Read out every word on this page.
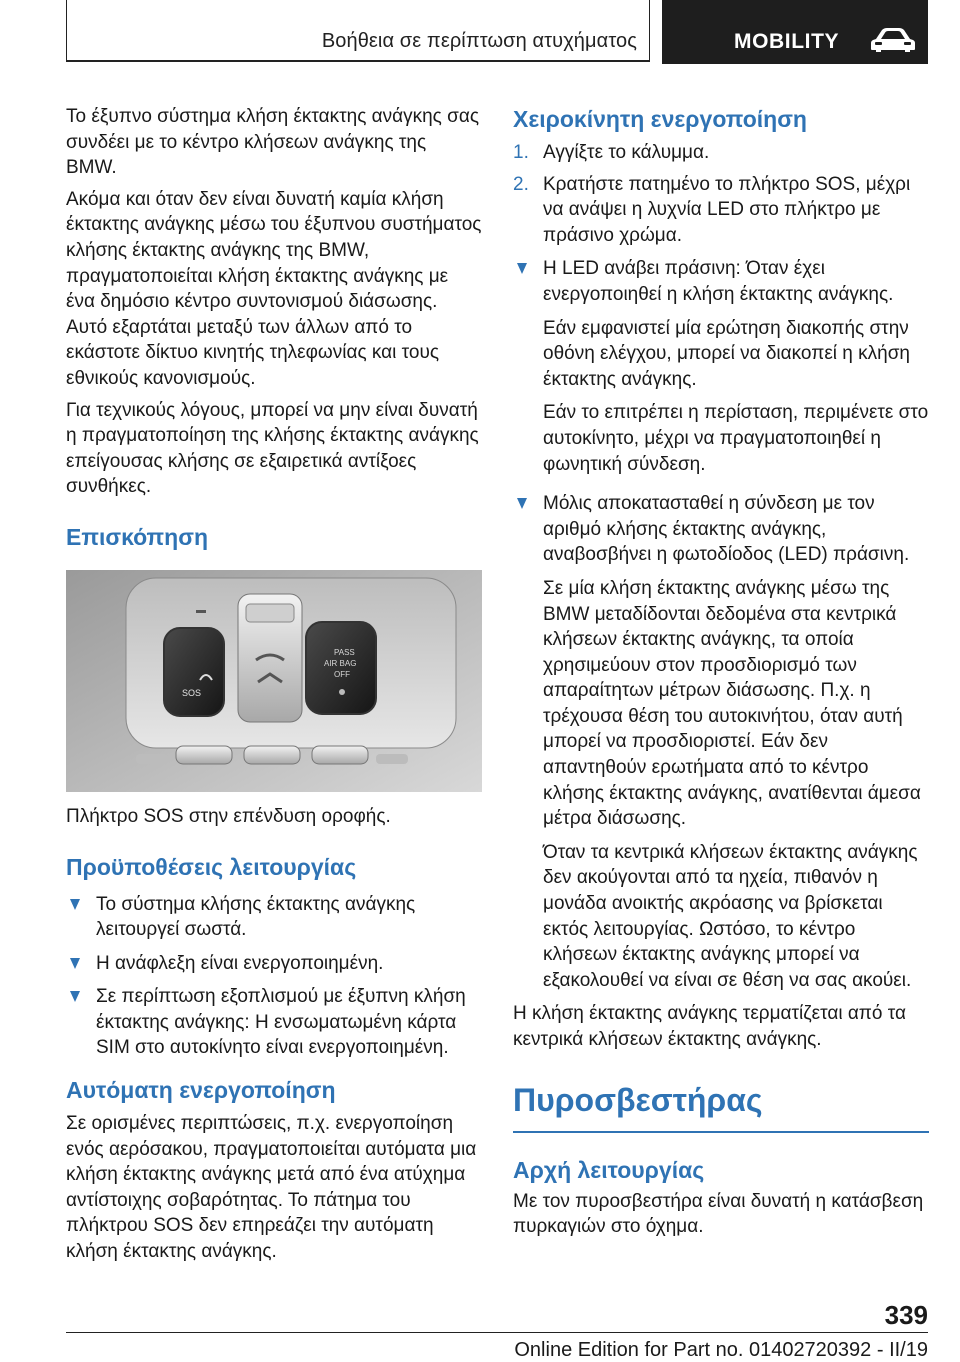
Βοήθεια σε περίπτωση ατυχήματος	MOBILITY

Το έξυπνο σύστημα κλήση έκτακτης ανάγκης σας συνδέει με το κέντρο κλήσεων ανάγκης της BMW.

Ακόμα και όταν δεν είναι δυνατή καμία κλήση έκτακτης ανάγκης μέσω του έξυπνου συστήματος κλήσης έκτακτης ανάγκης της BMW, πραγματοποιείται κλήση έκτακτης ανάγκης με ένα δημόσιο κέντρο συντονισμού διάσωσης. Αυτό εξαρτάται μεταξύ των άλλων από το εκάστοτε δίκτυο κινητής τηλεφωνίας και τους εθνικούς κανονισμούς.

Για τεχνικούς λόγους, μπορεί να μην είναι δυνατή η πραγματοποίηση της κλήσης έκτακτης ανάγκης επείγουσας κλήσης σε εξαιρετικά αντίξοες συνθήκες.

Επισκόπηση
SOS
PASS
AIR BAG
OFF

Πλήκτρο SOS στην επένδυση οροφής.

Προϋποθέσεις λειτουργίας
Το σύστημα κλήσης έκτακτης ανάγκης λειτουργεί σωστά.
Η ανάφλεξη είναι ενεργοποιημένη.
Σε περίπτωση εξοπλισμού με έξυπνη κλήση έκτακτης ανάγκης: Η ενσωματωμένη κάρτα SIM στο αυτοκίνητο είναι ενεργοποιημένη.
Αυτόματη ενεργοποίηση

Σε ορισμένες περιπτώσεις, π.χ. ενεργοποίηση ενός αερόσακου, πραγματοποιείται αυτόματα μια κλήση έκτακτης ανάγκης μετά από ένα ατύχημα αντίστοιχης σοβαρότητας. Το πάτημα του πλήκτρου SOS δεν επηρεάζει την αυτόματη κλήση έκτακτης ανάγκης.

Χειροκίνητη ενεργοποίηση
1. Αγγίξτε το κάλυμμα.
2. Κρατήστε πατημένο το πλήκτρο SOS, μέχρι να ανάψει η λυχνία LED στο πλήκτρο με πράσινο χρώμα.
Η LED ανάβει πράσινη: Όταν έχει ενεργοποιηθεί η κλήση έκτακτης ανάγκης.
Εάν εμφανιστεί μία ερώτηση διακοπής στην οθόνη ελέγχου, μπορεί να διακοπεί η κλήση έκτακτης ανάγκης.
Εάν το επιτρέπει η περίσταση, περιμένετε στο αυτοκίνητο, μέχρι να πραγματοποιηθεί η φωνητική σύνδεση.
Μόλις αποκατασταθεί η σύνδεση με τον αριθμό κλήσης έκτακτης ανάγκης, αναβοσβήνει η φωτοδίοδος (LED) πράσινη.
Σε μία κλήση έκτακτης ανάγκης μέσω της BMW μεταδίδονται δεδομένα στα κεντρικά κλήσεων έκτακτης ανάγκης, τα οποία χρησιμεύουν στον προσδιορισμό των απαραίτητων μέτρων διάσωσης. Π.χ. η τρέχουσα θέση του αυτοκινήτου, όταν αυτή μπορεί να προσδιοριστεί. Εάν δεν απαντηθούν ερωτήματα από το κέντρο κλήσης έκτακτης ανάγκης, ανατίθενται άμεσα μέτρα διάσωσης.
Όταν τα κεντρικά κλήσεων έκτακτης ανάγκης δεν ακούγονται από τα ηχεία, πιθανόν η μονάδα ανοικτής ακρόασης να βρίσκεται εκτός λειτουργίας. Ωστόσο, το κέντρο κλήσεων έκτακτης ανάγκης μπορεί να εξακολουθεί να είναι σε θέση να σας ακούει.

Η κλήση έκτακτης ανάγκης τερματίζεται από τα κεντρικά κλήσεων έκτακτης ανάγκης.

Πυροσβεστήρας
Αρχή λειτουργίας

Με τον πυροσβεστήρα είναι δυνατή η κατάσβεση πυρκαγιών στο όχημα.

339
Online Edition for Part no. 01402720392 - II/19
